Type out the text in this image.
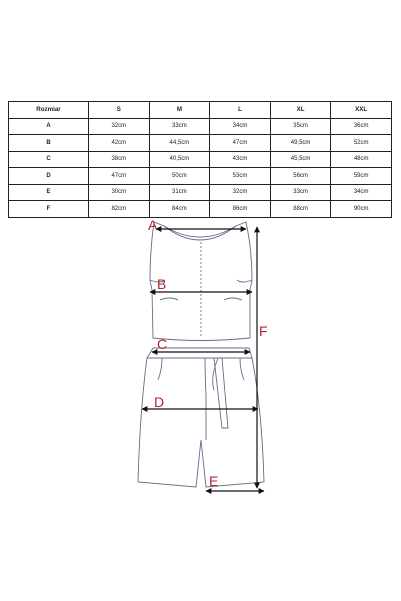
Rozmiar	S	M	L	XL	XXL
A	32cm	33cm	34cm	35cm	36cm
B	42cm	44,5cm	47cm	49,5cm	52cm
C	38cm	40,5cm	43cm	45,5cm	48cm
D	47cm	50cm	53cm	56cm	59cm
E	30cm	31cm	32cm	33cm	34cm
F	82cm	84cm	86cm	88cm	90cm
A
B
C
D
E
F
